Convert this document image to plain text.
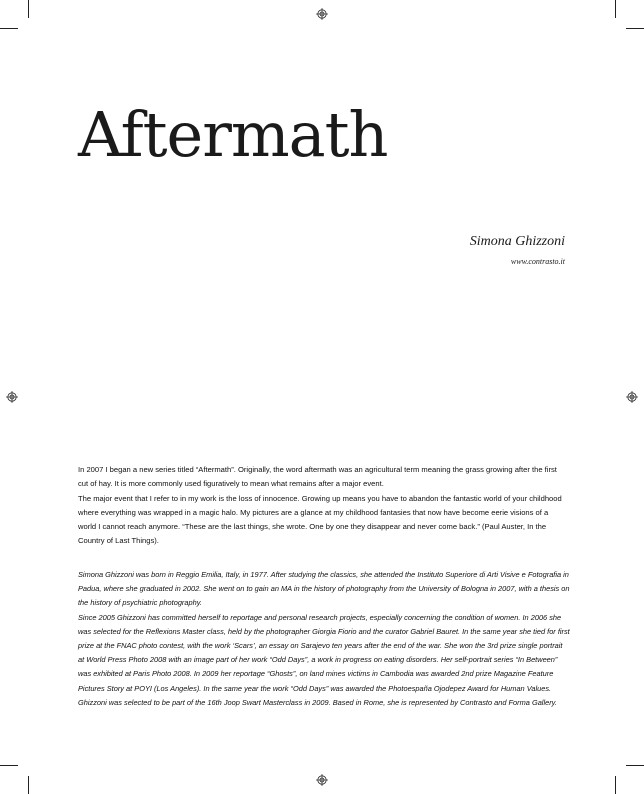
Aftermath
Simona Ghizzoni
www.contrasto.it

In 2007 I began a new series titled “Aftermath”. Originally, the word aftermath was an agricultural term meaning the grass growing after the first cut of hay. It is more commonly used figuratively to mean what remains after a major event.

The major event that I refer to in my work is the loss of innocence. Growing up means you have to abandon the fantastic world of your childhood where everything was wrapped in a magic halo. My pictures are a glance at my childhood fantasies that now have become eerie visions of a world I cannot reach anymore. “These are the last things, she wrote. One by one they disappear and never come back.” (Paul Auster, In the Country of Last Things).

Simona Ghizzoni was born in Reggio Emilia, Italy, in 1977. After studying the classics, she attended the Instituto Superiore di Arti Visive e Fotografia in Padua, where she graduated in 2002. She went on to gain an MA in the history of photography from the University of Bologna in 2007, with a thesis on the history of psychiatric photography.

Since 2005 Ghizzoni has committed herself to reportage and personal research projects, especially concerning the condition of women. In 2006 she was selected for the Reflexions Master class, held by the photographer Giorgia Fiorio and the curator Gabriel Bauret. In the same year she tied for first prize at the FNAC photo contest, with the work ‘Scars’, an essay on Sarajevo ten years after the end of the war. She won the 3rd prize single portrait at World Press Photo 2008 with an image part of her work “Odd Days”, a work in progress on eating disorders. Her self-portrait series “In Between” was exhibited at Paris Photo 2008. In 2009 her reportage “Ghosts”, on land mines victims in Cambodia was awarded 2nd prize Magazine Feature Pictures Story at POYI (Los Angeles). In the same year the work “Odd Days” was awarded the Photoespaña Ojodepez Award for Human Values. Ghizzoni was selected to be part of the 16th Joop Swart Masterclass in 2009. Based in Rome, she is represented by Contrasto and Forma Gallery.
